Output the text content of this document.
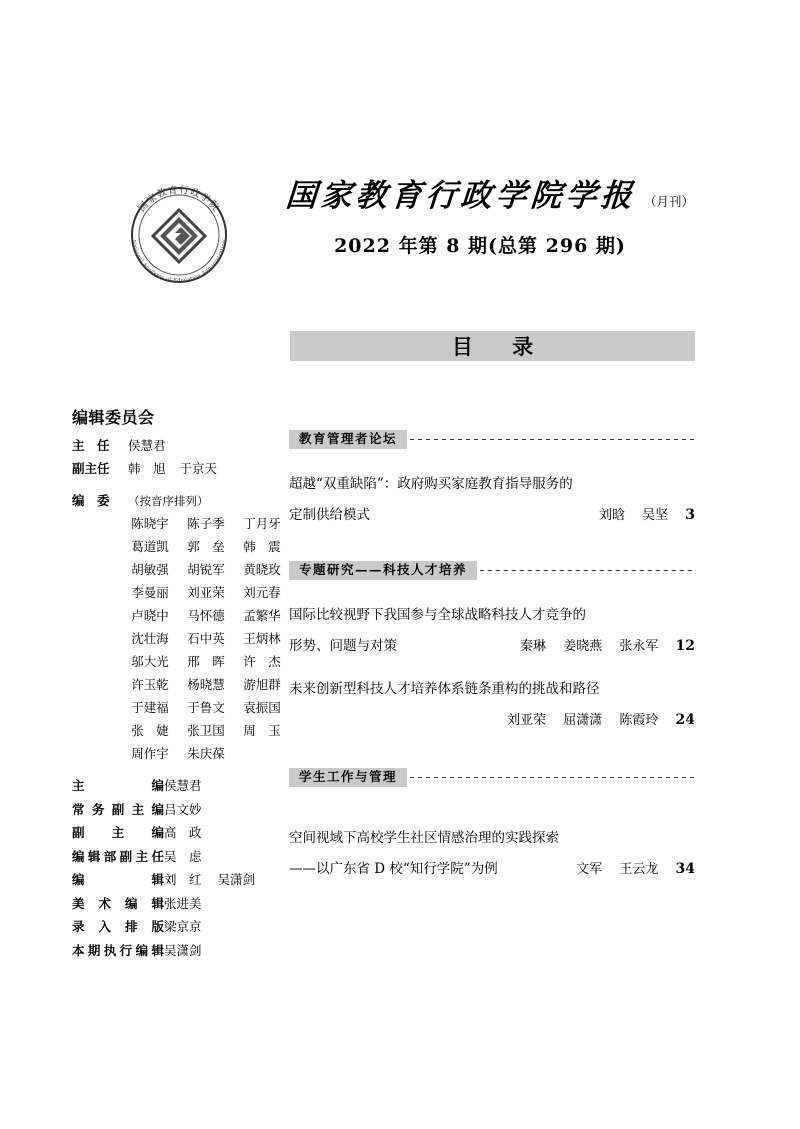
国家教育行政学院
National Academy of Education Administration
国家教育行政学院学报 （月刊）
2022 年第 8 期(总第 296 期)
目 录
编辑委员会
主　任	侯慧君
副主任	韩　旭 于京天
编　委	（按音序排列）
陈晓宇	陈子季	丁月牙
葛道凯	郭　垒	韩　震
胡敏强	胡锐军	黄晓玫
李曼丽	刘亚荣	刘元春
卢晓中	马怀德	孟繁华
沈壮海	石中英	王炳林
邬大光	邢　晖	许　杰
许玉乾	杨晓慧	游旭群
于建福	于鲁文	袁振国
张　婕	张卫国	周　玉
周作宇	朱庆葆
主	编 侯慧君
常 务 副 主 编 吕文妙
副 主 编 高　政
编 辑 部 副 主 任 吴　虑
编	辑 刘　红 吴潇剑
美 术 编 辑 张进美
录 入 排 版 梁京京
本 期 执 行 编 辑 吴潇剑
教育管理者论坛
超越“双重缺陷”：政府购买家庭教育指导服务的
定制供给模式	刘晗 吴坚 3
专题研究——科技人才培养
国际比较视野下我国参与全球战略科技人才竞争的
形势、问题与对策	秦琳 姜晓燕 张永军 12
未来创新型科技人才培养体系链条重构的挑战和路径
刘亚荣 屈潇潇 陈霞玲 24
学生工作与管理
空间视域下高校学生社区情感治理的实践探索
——以广东省 D 校“知行学院”为例	文军 王云龙 34
